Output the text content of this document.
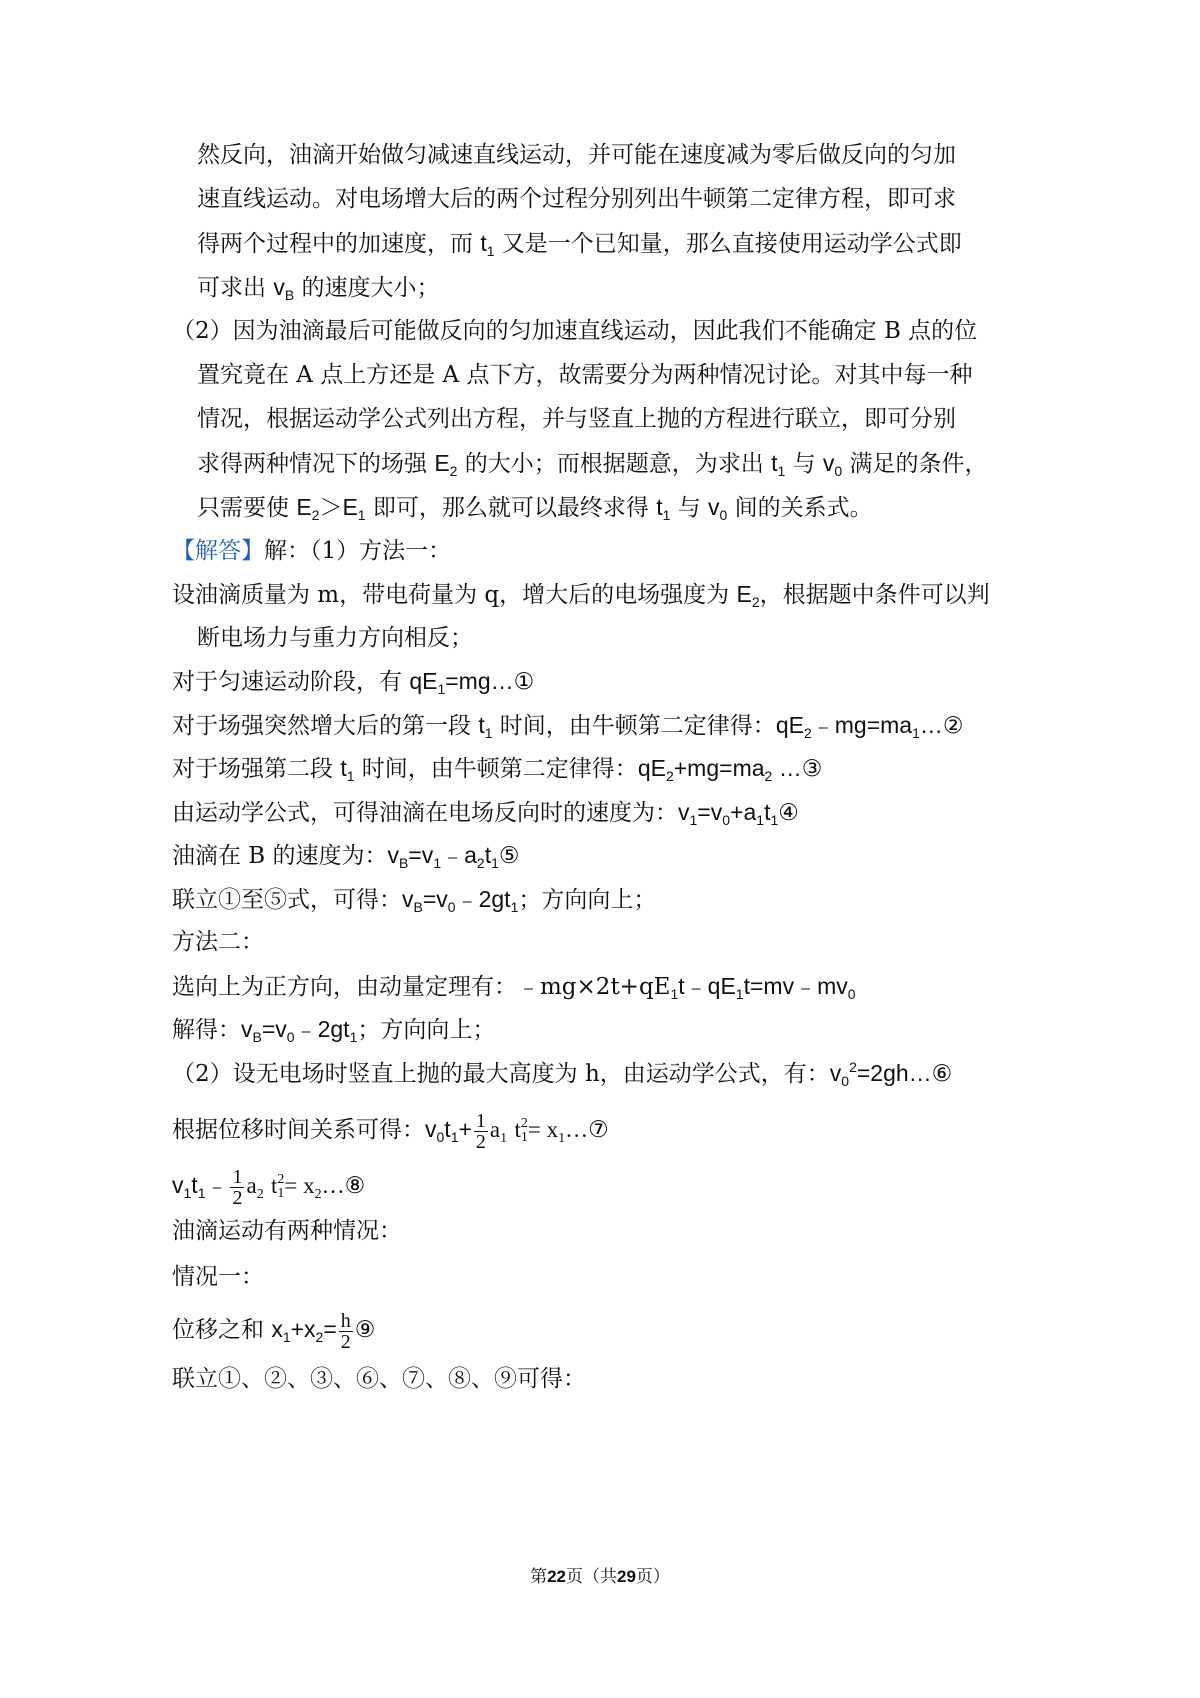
然反向，油滴开始做匀减速直线运动，并可能在速度减为零后做反向的匀加
速直线运动。对电场增大后的两个过程分别列出牛顿第二定律方程，即可求
得两个过程中的加速度，而 $t_1$ 又是一个已知量，那么直接使用运动学公式即
可求出 $v_B$ 的速度大小；
（2）因为油滴最后可能做反向的匀加速直线运动，因此我们不能确定 B 点的位
置究竟在 A 点上方还是 A 点下方，故需要分为两种情况讨论。对其中每一种
情况，根据运动学公式列出方程，并与竖直上抛的方程进行联立，即可分别
求得两种情况下的场强 $E_2$ 的大小；而根据题意，为求出 $t_1$ 与 $v_0$ 满足的条件，
只需要使 $E_2>E_1$ 即可，那么就可以最终求得 $t_1$ 与 $v_0$ 间的关系式。
【解答】解：（1）方法一：
设油滴质量为 m，带电荷量为 q，增大后的电场强度为 $E_2$，根据题中条件可以判
断电场力与重力方向相反；
对于匀速运动阶段，有 $qE_1=mg\dots ①$
对于场强突然增大后的第一段 $t_1$ 时间，由牛顿第二定律得：$qE_2﹣mg=ma_1\dots ②$
对于场强第二段 $t_1$ 时间，由牛顿第二定律得：$qE_2+mg=ma_2$ …③
由运动学公式，可得油滴在电场反向时的速度为：$v_1=v_0+a_1t_1④$
油滴在 B 的速度为：$v_B=v_1﹣a_2t_1⑤$
联立①至⑤式，可得：$v_B=v_0﹣2gt_1$；方向向上；
方法二：
选向上为正方向，由动量定理有：$﹣mg\times 2t+qE_1t﹣qE_1t=mv﹣mv_0$
解得：$v_B=v_0﹣2gt_1$；方向向上；
（2）设无电场时竖直上抛的最大高度为 h，由运动学公式，有：$v_0^2=2gh\dots ⑥$
根据位移时间关系可得：$v_0t_1+ \frac{1}{2} a_1$ t 2
$1 = x_1\dots ⑦$
$v_1t_1﹣ \frac{1}{2} a_2$ t 2
$1 = x_2\dots ⑧$
油滴运动有两种情况：
情况一：
位移之和 $x_1+x_2= \frac{h}{2}$ ⑨
联立①、②、③、⑥、⑦、⑧、⑨可得：
第22页（共29页）
